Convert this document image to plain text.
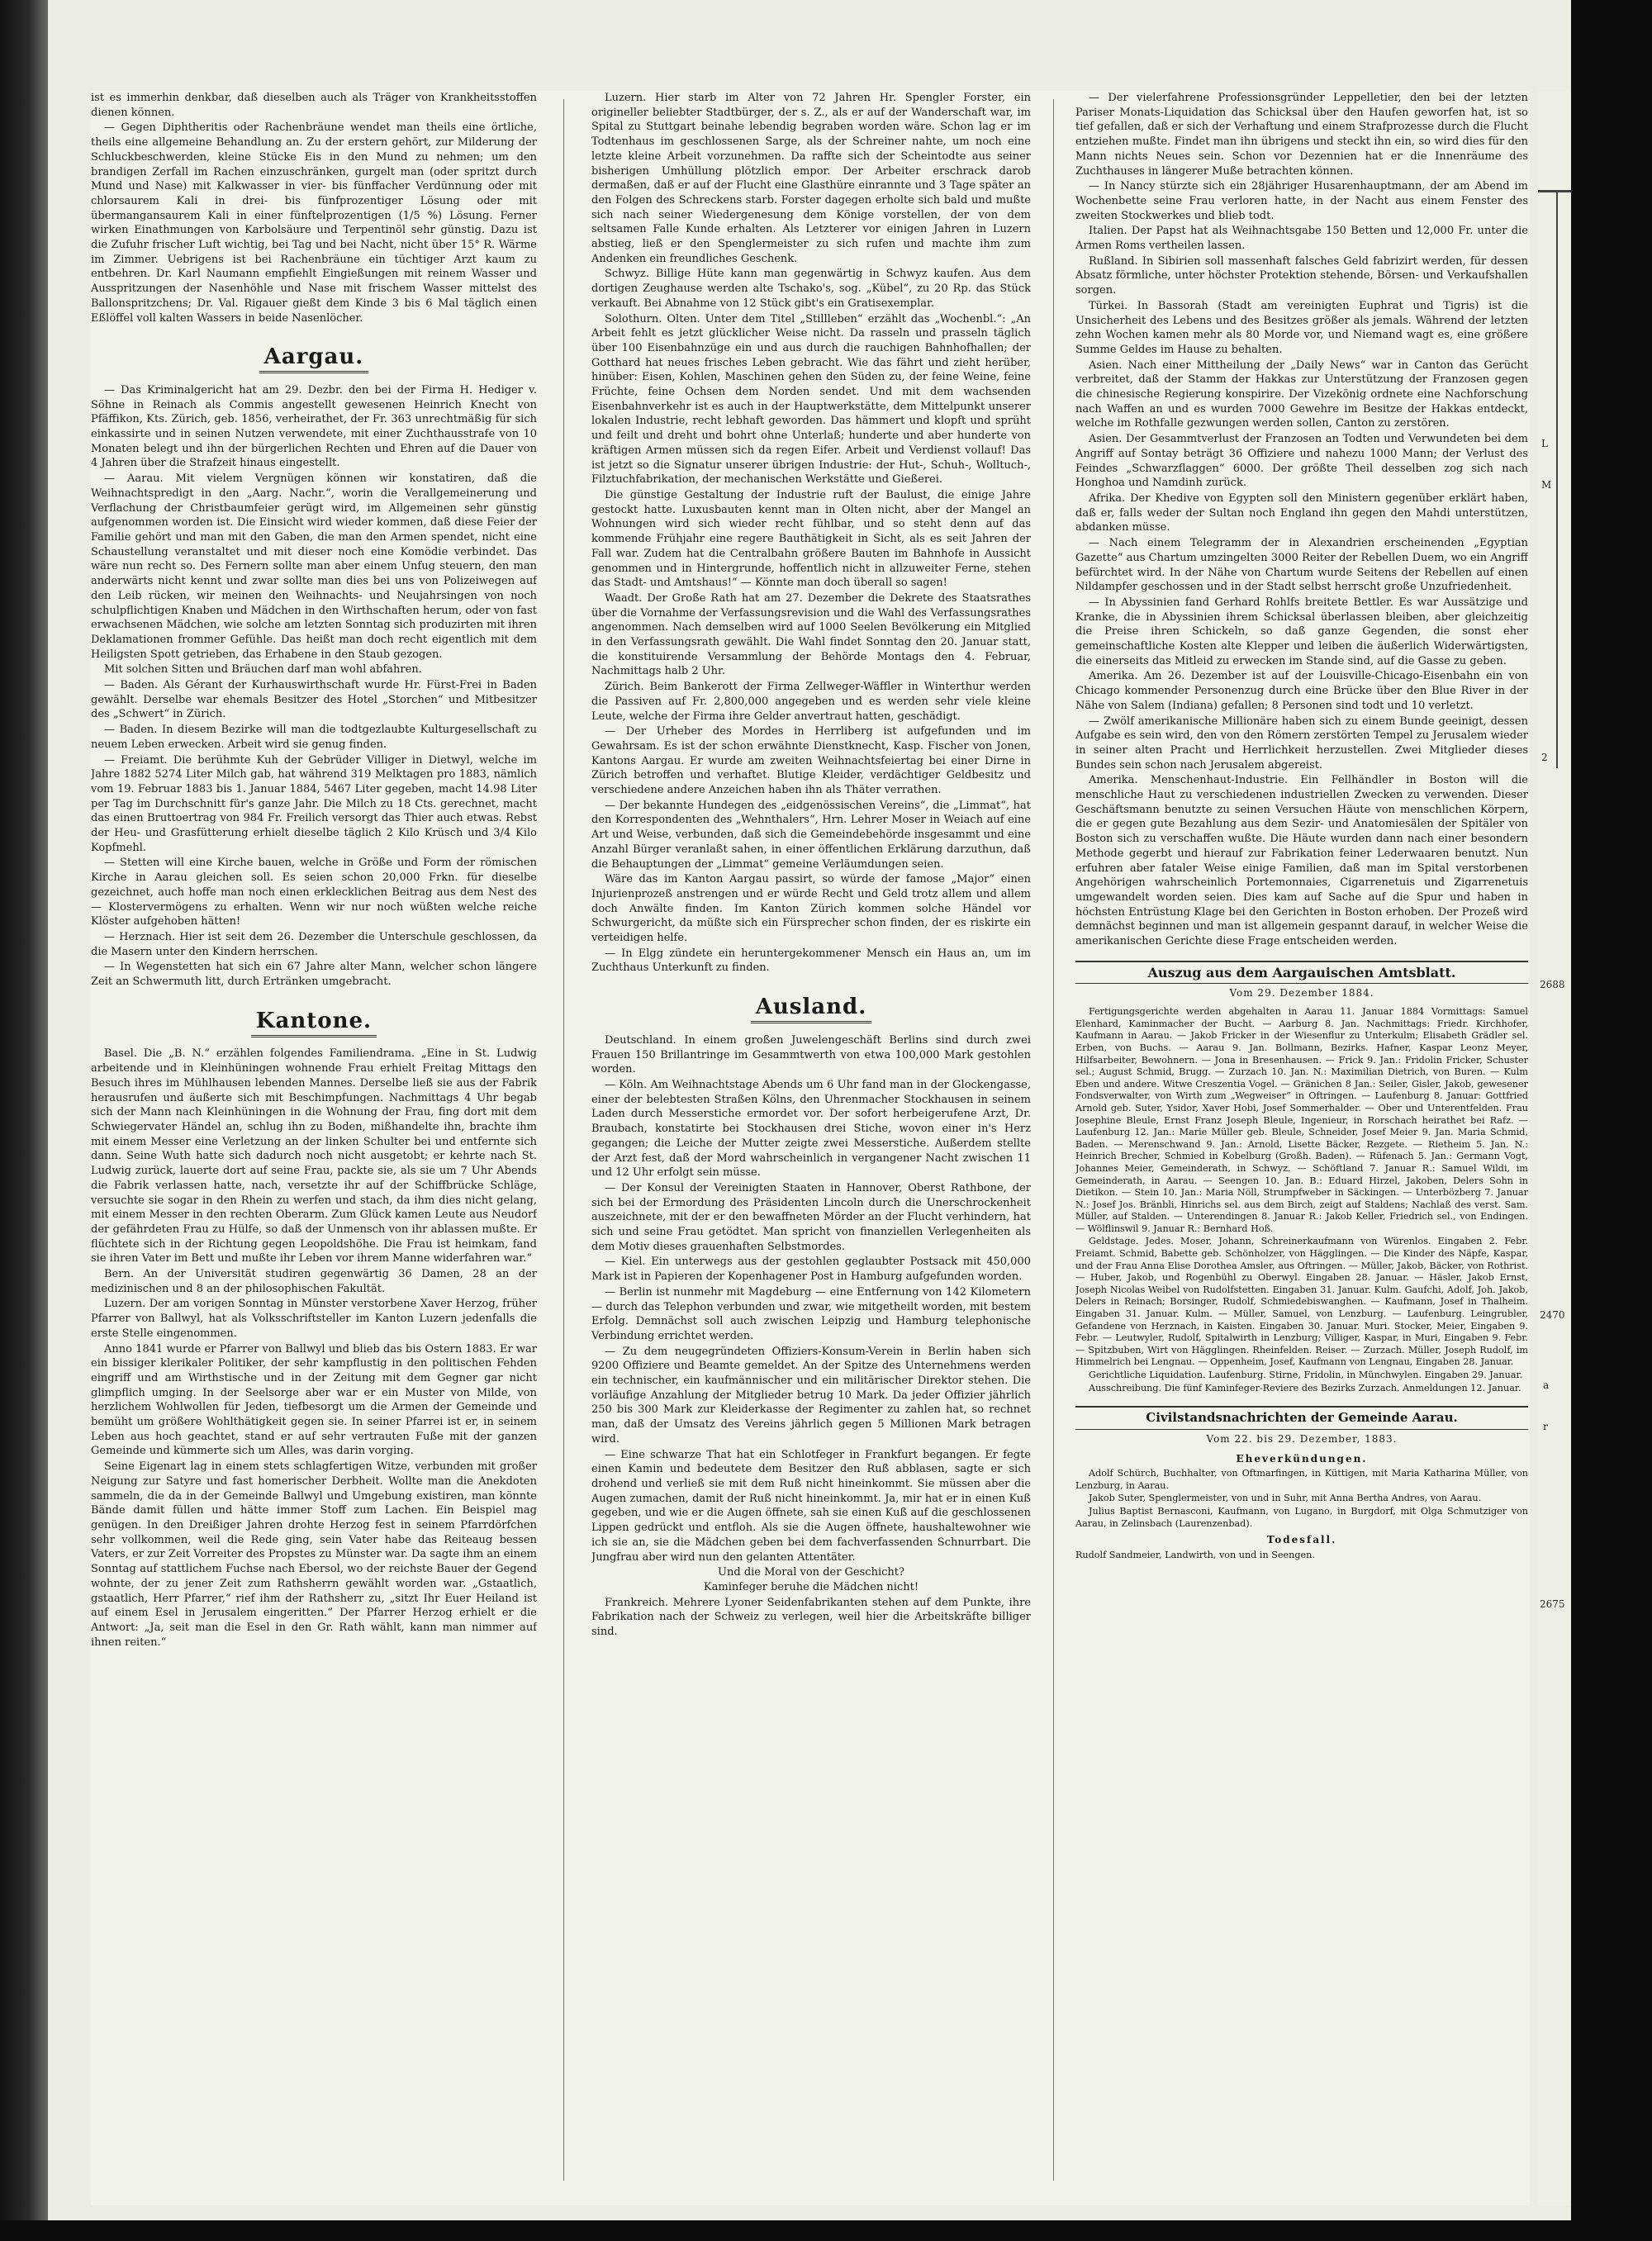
L
M
2
2688
2470
a
r
2675

ist es immerhin denkbar, daß dieselben auch als Träger von Krankheitsstoffen dienen können.

— Gegen Diphtheritis oder Rachenbräune wendet man theils eine örtliche, theils eine allgemeine Behandlung an. Zu der erstern gehört, zur Milderung der Schluckbeschwerden, kleine Stücke Eis in den Mund zu nehmen; um den brandigen Zerfall im Rachen einzuschränken, gurgelt man (oder spritzt durch Mund und Nase) mit Kalkwasser in vier- bis fünffacher Verdünnung oder mit chlorsaurem Kali in drei- bis fünfprozentiger Lösung oder mit übermangansaurem Kali in einer fünftelprozentigen (1/5 %) Lösung. Ferner wirken Einathmungen von Karbolsäure und Terpentinöl sehr günstig. Dazu ist die Zufuhr frischer Luft wichtig, bei Tag und bei Nacht, nicht über 15° R. Wärme im Zimmer. Uebrigens ist bei Rachenbräune ein tüchtiger Arzt kaum zu entbehren. Dr. Karl Naumann empfiehlt Eingießungen mit reinem Wasser und Ausspritzungen der Nasenhöhle und Nase mit frischem Wasser mittelst des Ballonspritzchens; Dr. Val. Rigauer gießt dem Kinde 3 bis 6 Mal täglich einen Eßlöffel voll kalten Wassers in beide Nasenlöcher.

Aargau.

— Das Kriminalgericht hat am 29. Dezbr. den bei der Firma H. Hediger v. Söhne in Reinach als Commis angestellt gewesenen Heinrich Knecht von Pfäffikon, Kts. Zürich, geb. 1856, verheirathet, der Fr. 363 unrechtmäßig für sich einkassirte und in seinen Nutzen verwendete, mit einer Zuchthausstrafe von 10 Monaten belegt und ihn der bürgerlichen Rechten und Ehren auf die Dauer von 4 Jahren über die Strafzeit hinaus eingestellt.

— Aarau. Mit vielem Vergnügen können wir konstatiren, daß die Weihnachtspredigt in den „Aarg. Nachr.“, worin die Verallgemeinerung und Verflachung der Christbaumfeier gerügt wird, im Allgemeinen sehr günstig aufgenommen worden ist. Die Einsicht wird wieder kommen, daß diese Feier der Familie gehört und man mit den Gaben, die man den Armen spendet, nicht eine Schaustellung veranstaltet und mit dieser noch eine Komödie verbindet. Das wäre nun recht so. Des Fernern sollte man aber einem Unfug steuern, den man anderwärts nicht kennt und zwar sollte man dies bei uns von Polizeiwegen auf den Leib rücken, wir meinen den Weihnachts- und Neujahrsingen von noch schulpflichtigen Knaben und Mädchen in den Wirthschaften herum, oder von fast erwachsenen Mädchen, wie solche am letzten Sonntag sich produzirten mit ihren Deklamationen frommer Gefühle. Das heißt man doch recht eigentlich mit dem Heiligsten Spott getrieben, das Erhabene in den Staub gezogen.

Mit solchen Sitten und Bräuchen darf man wohl abfahren.

— Baden. Als Gérant der Kurhauswirthschaft wurde Hr. Fürst-Frei in Baden gewählt. Derselbe war ehemals Besitzer des Hotel „Storchen“ und Mitbesitzer des „Schwert“ in Zürich.

— Baden. In diesem Bezirke will man die todtgezlaubte Kulturgesellschaft zu neuem Leben erwecken. Arbeit wird sie genug finden.

— Freiamt. Die berühmte Kuh der Gebrüder Villiger in Dietwyl, welche im Jahre 1882 5274 Liter Milch gab, hat während 319 Melktagen pro 1883, nämlich vom 19. Februar 1883 bis 1. Januar 1884, 5467 Liter gegeben, macht 14.98 Liter per Tag im Durchschnitt für's ganze Jahr. Die Milch zu 18 Cts. gerechnet, macht das einen Bruttoertrag von 984 Fr. Freilich versorgt das Thier auch etwas. Rebst der Heu- und Grasfütterung erhielt dieselbe täglich 2 Kilo Krüsch und 3/4 Kilo Kopfmehl.

— Stetten will eine Kirche bauen, welche in Größe und Form der römischen Kirche in Aarau gleichen soll. Es seien schon 20,000 Frkn. für dieselbe gezeichnet, auch hoffe man noch einen erklecklichen Beitrag aus dem Nest des — Klostervermögens zu erhalten. Wenn wir nur noch wüßten welche reiche Klöster aufgehoben hätten!

— Herznach. Hier ist seit dem 26. Dezember die Unterschule geschlossen, da die Masern unter den Kindern herrschen.

— In Wegenstetten hat sich ein 67 Jahre alter Mann, welcher schon längere Zeit an Schwermuth litt, durch Ertränken umgebracht.

Kantone.

Basel. Die „B. N.“ erzählen folgendes Familiendrama. „Eine in St. Ludwig arbeitende und in Kleinhüningen wohnende Frau erhielt Freitag Mittags den Besuch ihres im Mühlhausen lebenden Mannes. Derselbe ließ sie aus der Fabrik herausrufen und äußerte sich mit Beschimpfungen. Nachmittags 4 Uhr begab sich der Mann nach Kleinhüningen in die Wohnung der Frau, fing dort mit dem Schwiegervater Händel an, schlug ihn zu Boden, mißhandelte ihn, brachte ihm mit einem Messer eine Verletzung an der linken Schulter bei und entfernte sich dann. Seine Wuth hatte sich dadurch noch nicht ausgetobt; er kehrte nach St. Ludwig zurück, lauerte dort auf seine Frau, packte sie, als sie um 7 Uhr Abends die Fabrik verlassen hatte, nach, versetzte ihr auf der Schiffbrücke Schläge, versuchte sie sogar in den Rhein zu werfen und stach, da ihm dies nicht gelang, mit einem Messer in den rechten Oberarm. Zum Glück kamen Leute aus Neudorf der gefährdeten Frau zu Hülfe, so daß der Unmensch von ihr ablassen mußte. Er flüchtete sich in der Richtung gegen Leopoldshöhe. Die Frau ist heimkam, fand sie ihren Vater im Bett und mußte ihr Leben vor ihrem Manne widerfahren war.“

Bern. An der Universität studiren gegenwärtig 36 Damen, 28 an der medizinischen und 8 an der philosophischen Fakultät.

Luzern. Der am vorigen Sonntag in Münster verstorbene Xaver Herzog, früher Pfarrer von Ballwyl, hat als Volksschriftsteller im Kanton Luzern jedenfalls die erste Stelle eingenommen.

Anno 1841 wurde er Pfarrer von Ballwyl und blieb das bis Ostern 1883. Er war ein bissiger klerikaler Politiker, der sehr kampflustig in den politischen Fehden eingriff und am Wirthstische und in der Zeitung mit dem Gegner gar nicht glimpflich umging. In der Seelsorge aber war er ein Muster von Milde, von herzlichem Wohlwollen für Jeden, tiefbesorgt um die Armen der Gemeinde und bemüht um größere Wohlthätigkeit gegen sie. In seiner Pfarrei ist er, in seinem Leben aus hoch geachtet, stand er auf sehr vertrauten Fuße mit der ganzen Gemeinde und kümmerte sich um Alles, was darin vorging.

Seine Eigenart lag in einem stets schlagfertigen Witze, verbunden mit großer Neigung zur Satyre und fast homerischer Derbheit. Wollte man die Anekdoten sammeln, die da in der Gemeinde Ballwyl und Umgebung existiren, man könnte Bände damit füllen und hätte immer Stoff zum Lachen. Ein Beispiel mag genügen. In den Dreißiger Jahren drohte Herzog fest in seinem Pfarrdörfchen sehr vollkommen, weil die Rede ging, sein Vater habe das Reiteaug bessen Vaters, er zur Zeit Vorreiter des Propstes zu Münster war. Da sagte ihm an einem Sonntag auf stattlichem Fuchse nach Ebersol, wo der reichste Bauer der Gegend wohnte, der zu jener Zeit zum Rathsherrn gewählt worden war. „Gstaatlich, gstaatlich, Herr Pfarrer,“ rief ihm der Rathsherr zu, „sitzt Ihr Euer Heiland ist auf einem Esel in Jerusalem eingeritten.“ Der Pfarrer Herzog erhielt er die Antwort: „Ja, seit man die Esel in den Gr. Rath wählt, kann man nimmer auf ihnen reiten.“

Luzern. Hier starb im Alter von 72 Jahren Hr. Spengler Forster, ein origineller beliebter Stadtbürger, der s. Z., als er auf der Wanderschaft war, im Spital zu Stuttgart beinahe lebendig begraben worden wäre. Schon lag er im Todtenhaus im geschlossenen Sarge, als der Schreiner nahte, um noch eine letzte kleine Arbeit vorzunehmen. Da raffte sich der Scheintodte aus seiner bisherigen Umhüllung plötzlich empor. Der Arbeiter erschrack darob dermaßen, daß er auf der Flucht eine Glasthüre einrannte und 3 Tage später an den Folgen des Schreckens starb. Forster dagegen erholte sich bald und mußte sich nach seiner Wiedergenesung dem Könige vorstellen, der von dem seltsamen Falle Kunde erhalten. Als Letzterer vor einigen Jahren in Luzern abstieg, ließ er den Spenglermeister zu sich rufen und machte ihm zum Andenken ein freundliches Geschenk.

Schwyz. Billige Hüte kann man gegenwärtig in Schwyz kaufen. Aus dem dortigen Zeughause werden alte Tschako's, sog. „Kübel“, zu 20 Rp. das Stück verkauft. Bei Abnahme von 12 Stück gibt's ein Gratisexemplar.

Solothurn. Olten. Unter dem Titel „Stillleben“ erzählt das „Wochenbl.“: „An Arbeit fehlt es jetzt glücklicher Weise nicht. Da rasseln und prasseln täglich über 100 Eisenbahnzüge ein und aus durch die rauchigen Bahnhofhallen; der Gotthard hat neues frisches Leben gebracht. Wie das fährt und zieht herüber, hinüber: Eisen, Kohlen, Maschinen gehen den Süden zu, der feine Weine, feine Früchte, feine Ochsen dem Norden sendet. Und mit dem wachsenden Eisenbahnverkehr ist es auch in der Hauptwerkstätte, dem Mittelpunkt unserer lokalen Industrie, recht lebhaft geworden. Das hämmert und klopft und sprüht und feilt und dreht und bohrt ohne Unterlaß; hunderte und aber hunderte von kräftigen Armen müssen sich da regen Eifer. Arbeit und Verdienst vollauf! Das ist jetzt so die Signatur unserer übrigen Industrie: der Hut-, Schuh-, Wolltuch-, Filztuchfabrikation, der mechanischen Werkstätte und Gießerei.

Die günstige Gestaltung der Industrie ruft der Baulust, die einige Jahre gestockt hatte. Luxusbauten kennt man in Olten nicht, aber der Mangel an Wohnungen wird sich wieder recht fühlbar, und so steht denn auf das kommende Frühjahr eine regere Bauthätigkeit in Sicht, als es seit Jahren der Fall war. Zudem hat die Centralbahn größere Bauten im Bahnhofe in Aussicht genommen und in Hintergrunde, hoffentlich nicht in allzuweiter Ferne, stehen das Stadt- und Amtshaus!“ — Könnte man doch überall so sagen!

Waadt. Der Große Rath hat am 27. Dezember die Dekrete des Staatsrathes über die Vornahme der Verfassungsrevision und die Wahl des Verfassungsrathes angenommen. Nach demselben wird auf 1000 Seelen Bevölkerung ein Mitglied in den Verfassungsrath gewählt. Die Wahl findet Sonntag den 20. Januar statt, die konstituirende Versammlung der Behörde Montags den 4. Februar, Nachmittags halb 2 Uhr.

Zürich. Beim Bankerott der Firma Zellweger-Wäffler in Winterthur werden die Passiven auf Fr. 2,800,000 angegeben und es werden sehr viele kleine Leute, welche der Firma ihre Gelder anvertraut hatten, geschädigt.

— Der Urheber des Mordes in Herrliberg ist aufgefunden und im Gewahrsam. Es ist der schon erwähnte Dienstknecht, Kasp. Fischer von Jonen, Kantons Aargau. Er wurde am zweiten Weihnachtsfeiertag bei einer Dirne in Zürich betroffen und verhaftet. Blutige Kleider, verdächtiger Geldbesitz und verschiedene andere Anzeichen haben ihn als Thäter verrathen.

— Der bekannte Hundegen des „eidgenössischen Vereins“, die „Limmat“, hat den Korrespondenten des „Wehnthalers“, Hrn. Lehrer Moser in Weiach auf eine Art und Weise, verbunden, daß sich die Gemeindebehörde insgesammt und eine Anzahl Bürger veranlaßt sahen, in einer öffentlichen Erklärung darzuthun, daß die Behauptungen der „Limmat“ gemeine Verläumdungen seien.

Wäre das im Kanton Aargau passirt, so würde der famose „Major“ einen Injurienprozeß anstrengen und er würde Recht und Geld trotz allem und allem doch Anwälte finden. Im Kanton Zürich kommen solche Händel vor Schwurgericht, da müßte sich ein Fürsprecher schon finden, der es riskirte ein verteidigen helfe.

— In Elgg zündete ein heruntergekommener Mensch ein Haus an, um im Zuchthaus Unterkunft zu finden.

Ausland.

Deutschland. In einem großen Juwelengeschäft Berlins sind durch zwei Frauen 150 Brillantringe im Gesammtwerth von etwa 100,000 Mark gestohlen worden.

— Köln. Am Weihnachtstage Abends um 6 Uhr fand man in der Glockengasse, einer der belebtesten Straßen Kölns, den Uhrenmacher Stockhausen in seinem Laden durch Messerstiche ermordet vor. Der sofort herbeigerufene Arzt, Dr. Braubach, konstatirte bei Stockhausen drei Stiche, wovon einer in's Herz gegangen; die Leiche der Mutter zeigte zwei Messerstiche. Außerdem stellte der Arzt fest, daß der Mord wahrscheinlich in vergangener Nacht zwischen 11 und 12 Uhr erfolgt sein müsse.

— Der Konsul der Vereinigten Staaten in Hannover, Oberst Rathbone, der sich bei der Ermordung des Präsidenten Lincoln durch die Unerschrockenheit auszeichnete, mit der er den bewaffneten Mörder an der Flucht verhindern, hat sich und seine Frau getödtet. Man spricht von finanziellen Verlegenheiten als dem Motiv dieses grauenhaften Selbstmordes.

— Kiel. Ein unterwegs aus der gestohlen geglaubter Postsack mit 450,000 Mark ist in Papieren der Kopenhagener Post in Hamburg aufgefunden worden.

— Berlin ist nunmehr mit Magdeburg — eine Entfernung von 142 Kilometern — durch das Telephon verbunden und zwar, wie mitgetheilt worden, mit bestem Erfolg. Demnächst soll auch zwischen Leipzig und Hamburg telephonische Verbindung errichtet werden.

— Zu dem neugegründeten Offiziers-Konsum-Verein in Berlin haben sich 9200 Offiziere und Beamte gemeldet. An der Spitze des Unternehmens werden ein technischer, ein kaufmännischer und ein militärischer Direktor stehen. Die vorläufige Anzahlung der Mitglieder betrug 10 Mark. Da jeder Offizier jährlich 250 bis 300 Mark zur Kleiderkasse der Regimenter zu zahlen hat, so rechnet man, daß der Umsatz des Vereins jährlich gegen 5 Millionen Mark betragen wird.

— Eine schwarze That hat ein Schlotfeger in Frankfurt begangen. Er fegte einen Kamin und bedeutete dem Besitzer den Ruß abblasen, sagte er sich drohend und verließ sie mit dem Ruß nicht hineinkommt. Sie müssen aber die Augen zumachen, damit der Ruß nicht hineinkommt. Ja, mir hat er in einen Kuß gegeben, und wie er die Augen öffnete, sah sie einen Kuß auf die geschlossenen Lippen gedrückt und entfloh. Als sie die Augen öffnete, haushaltewohner wie ich sie an, sie die Mädchen geben bei dem fachverfassenden Schnurrbart. Die Jungfrau aber wird nun den gelanten Attentäter.

Und die Moral von der Geschicht?
Kaminfeger beruhe die Mädchen nicht!

Frankreich. Mehrere Lyoner Seidenfabrikanten stehen auf dem Punkte, ihre Fabrikation nach der Schweiz zu verlegen, weil hier die Arbeitskräfte billiger sind.

— Der vielerfahrene Professionsgründer Leppelletier, den bei der letzten Pariser Monats-Liquidation das Schicksal über den Haufen geworfen hat, ist so tief gefallen, daß er sich der Verhaftung und einem Strafprozesse durch die Flucht entziehen mußte. Findet man ihn übrigens und steckt ihn ein, so wird dies für den Mann nichts Neues sein. Schon vor Dezennien hat er die Innenräume des Zuchthauses in längerer Muße betrachten können.

— In Nancy stürzte sich ein 28jähriger Husarenhauptmann, der am Abend im Wochenbette seine Frau verloren hatte, in der Nacht aus einem Fenster des zweiten Stockwerkes und blieb todt.

Italien. Der Papst hat als Weihnachtsgabe 150 Betten und 12,000 Fr. unter die Armen Roms vertheilen lassen.

Rußland. In Sibirien soll massenhaft falsches Geld fabrizirt werden, für dessen Absatz förmliche, unter höchster Protektion stehende, Börsen- und Verkaufshallen sorgen.

Türkei. In Bassorah (Stadt am vereinigten Euphrat und Tigris) ist die Unsicherheit des Lebens und des Besitzes größer als jemals. Während der letzten zehn Wochen kamen mehr als 80 Morde vor, und Niemand wagt es, eine größere Summe Geldes im Hause zu behalten.

Asien. Nach einer Mittheilung der „Daily News“ war in Canton das Gerücht verbreitet, daß der Stamm der Hakkas zur Unterstützung der Franzosen gegen die chinesische Regierung konspirire. Der Vizekönig ordnete eine Nachforschung nach Waffen an und es wurden 7000 Gewehre im Besitze der Hakkas entdeckt, welche im Rothfalle gezwungen werden sollen, Canton zu zerstören.

Asien. Der Gesammtverlust der Franzosen an Todten und Verwundeten bei dem Angriff auf Sontay beträgt 36 Offiziere und nahezu 1000 Mann; der Verlust des Feindes „Schwarzflaggen“ 6000. Der größte Theil desselben zog sich nach Honghoa und Namdinh zurück.

Afrika. Der Khedive von Egypten soll den Ministern gegenüber erklärt haben, daß er, falls weder der Sultan noch England ihn gegen den Mahdi unterstützen, abdanken müsse.

— Nach einem Telegramm der in Alexandrien erscheinenden „Egyptian Gazette“ aus Chartum umzingelten 3000 Reiter der Rebellen Duem, wo ein Angriff befürchtet wird. In der Nähe von Chartum wurde Seitens der Rebellen auf einen Nildampfer geschossen und in der Stadt selbst herrscht große Unzufriedenheit.

— In Abyssinien fand Gerhard Rohlfs breitete Bettler. Es war Aussätzige und Kranke, die in Abyssinien ihrem Schicksal überlassen bleiben, aber gleichzeitig die Preise ihren Schickeln, so daß ganze Gegenden, die sonst eher gemeinschaftliche Kosten alte Klepper und leiben die äußerlich Widerwärtigsten, die einerseits das Mitleid zu erwecken im Stande sind, auf die Gasse zu geben.

Amerika. Am 26. Dezember ist auf der Louisville-Chicago-Eisenbahn ein von Chicago kommender Personenzug durch eine Brücke über den Blue River in der Nähe von Salem (Indiana) gefallen; 8 Personen sind todt und 10 verletzt.

— Zwölf amerikanische Millionäre haben sich zu einem Bunde geeinigt, dessen Aufgabe es sein wird, den von den Römern zerstörten Tempel zu Jerusalem wieder in seiner alten Pracht und Herrlichkeit herzustellen. Zwei Mitglieder dieses Bundes sein schon nach Jerusalem abgereist.

Amerika. Menschenhaut-Industrie. Ein Fellhändler in Boston will die menschliche Haut zu verschiedenen industriellen Zwecken zu verwenden. Dieser Geschäftsmann benutzte zu seinen Versuchen Häute von menschlichen Körpern, die er gegen gute Bezahlung aus dem Sezir- und Anatomiesälen der Spitäler von Boston sich zu verschaffen wußte. Die Häute wurden dann nach einer besondern Methode gegerbt und hierauf zur Fabrikation feiner Lederwaaren benutzt. Nun erfuhren aber fataler Weise einige Familien, daß man im Spital verstorbenen Angehörigen wahrscheinlich Portemonnaies, Cigarrenetuis und Zigarrenetuis umgewandelt worden seien. Dies kam auf Sache auf die Spur und haben in höchsten Entrüstung Klage bei den Gerichten in Boston erhoben. Der Prozeß wird demnächst beginnen und man ist allgemein gespannt darauf, in welcher Weise die amerikanischen Gerichte diese Frage entscheiden werden.

Auszug aus dem Aargauischen Amtsblatt.
Vom 29. Dezember 1884.

Fertigungsgerichte werden abgehalten in Aarau 11. Januar 1884 Vormittags: Samuel Elenhard, Kaminmacher der Bucht. — Aarburg 8. Jan. Nachmittags: Friedr. Kirchhofer, Kaufmann in Aarau. — Jakob Fricker in der Wiesenflur zu Unterkulm; Elisabeth Grädler sel. Erben, von Buchs. — Aarau 9. Jan. Bollmann, Bezirks. Hafner, Kaspar Leonz Meyer, Hilfsarbeiter, Bewohnern. — Jona in Bresenhausen. — Frick 9. Jan.: Fridolin Fricker, Schuster sel.; August Schmid, Brugg. — Zurzach 10. Jan. N.: Maximilian Dietrich, von Buren. — Kulm Eben und andere. Witwe Creszentia Vogel. — Gränichen 8 Jan.: Seiler, Gisler, Jakob, gewesener Fondsverwalter, von Wirth zum „Wegweiser“ in Oftringen. — Laufenburg 8. Januar: Gottfried Arnold geb. Suter, Ysidor, Xaver Hobi, Josef Sommerhalder. — Ober und Unterentfelden. Frau Josephine Bleule, Ernst Franz Joseph Bleule, Ingenieur, in Rorschach heirathet bei Rafz. — Laufenburg 12. Jan.: Marie Müller geb. Bleule, Schneider, Josef Meier 9. Jan. Maria Schmid, Baden. — Merenschwand 9. Jan.: Arnold, Lisette Bäcker, Rezgete. — Rietheim 5. Jan. N.: Heinrich Brecher, Schmied in Kobelburg (Großh. Baden). — Rüfenach 5. Jan.: Germann Vogt, Johannes Meier, Gemeinderath, in Schwyz. — Schöftland 7. Januar R.: Samuel Wildi, im Gemeinderath, in Aarau. — Seengen 10. Jan. B.: Eduard Hirzel, Jakoben, Delers Sohn in Dietikon. — Stein 10. Jan.: Maria Nöll, Strumpfweber in Säckingen. — Unterbözberg 7. Januar N.: Josef Jos. Bränbli, Hinrichs sel. aus dem Birch, zeigt auf Staldens; Nachlaß des verst. Sam. Müller, auf Stalden. — Unterendingen 8. Januar R.: Jakob Keller, Friedrich sel., von Endingen. — Wölflinswil 9. Januar R.: Bernhard Hoß.

Geldstage. Jedes. Moser, Johann, Schreinerkaufmann von Würenlos. Eingaben 2. Febr. Freiamt. Schmid, Babette geb. Schönholzer, von Hägglingen. — Die Kinder des Näpfe, Kaspar, und der Frau Anna Elise Dorothea Amsler, aus Oftringen. — Müller, Jakob, Bäcker, von Rothrist. — Huber, Jakob, und Rogenbühl zu Oberwyl. Eingaben 28. Januar. — Häsler, Jakob Ernst, Joseph Nicolas Weibel von Rudolfstetten. Eingaben 31. Januar. Kulm. Gaufchi, Adolf, Joh. Jakob, Delers in Reinach; Borsinger, Rudolf, Schmiedebiswanghen. — Kaufmann, Josef in Thalheim. Eingaben 31. Januar. Kulm. — Müller, Samuel, von Lenzburg. — Laufenburg. Leingrubler, Gefandene von Herznach, in Kaisten. Eingaben 30. Januar. Muri. Stocker, Meier, Eingaben 9. Febr. — Leutwyler, Rudolf, Spitalwirth in Lenzburg; Villiger, Kaspar, in Muri, Eingaben 9. Febr. — Spitzbuben, Wirt von Hägglingen. Rheinfelden. Reiser. — Zurzach. Müller, Joseph Rudolf, im Himmelrich bei Lengnau. — Oppenheim, Josef, Kaufmann von Lengnau, Eingaben 28. Januar.

Gerichtliche Liquidation. Laufenburg. Stirne, Fridolin, in Münchwylen. Eingaben 29. Januar.

Ausschreibung. Die fünf Kaminfeger-Reviere des Bezirks Zurzach. Anmeldungen 12. Januar.

Civilstandsnachrichten der Gemeinde Aarau.
Vom 22. bis 29. Dezember, 1883.
Eheverkündungen.

Adolf Schürch, Buchhalter, von Oftmarfingen, in Küttigen, mit Maria Katharina Müller, von Lenzburg, in Aarau.

Jakob Suter, Spenglermeister, von und in Suhr, mit Anna Bertha Andres, von Aarau.

Julius Baptist Bernasconi, Kaufmann, von Lugano, in Burgdorf, mit Olga Schmutziger von Aarau, in Zelinsbach (Laurenzenbad).

Todesfall.

Rudolf Sandmeier, Landwirth, von und in Seengen.
